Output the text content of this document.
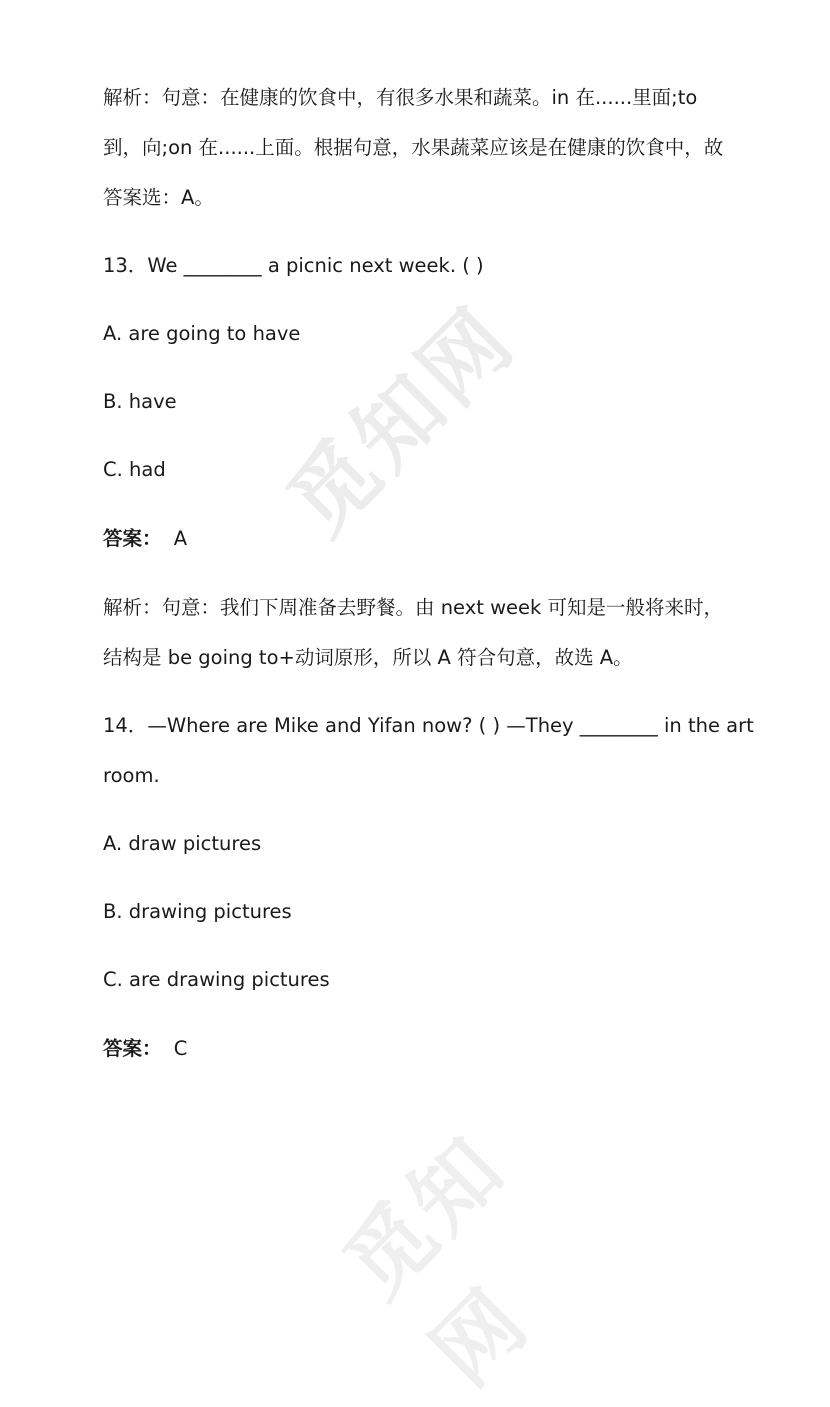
觅知网
觅知网
解析：句意：在健康的饮食中，有很多水果和蔬菜。in 在......里面;to
到，向;on 在......上面。根据句意，水果蔬菜应该是在健康的饮食中，故
答案选：A。
13．We ________ a picnic next week. ( )
A. are going to have
B. have
C. had
答案： A
解析：句意：我们下周准备去野餐。由 next week 可知是一般将来时，
结构是 be going to+动词原形，所以 A 符合句意，故选 A。
14．—Where are Mike and Yifan now? ( ) —They ________ in the art
room.
A. draw pictures
B. drawing pictures
C. are drawing pictures
答案： C
